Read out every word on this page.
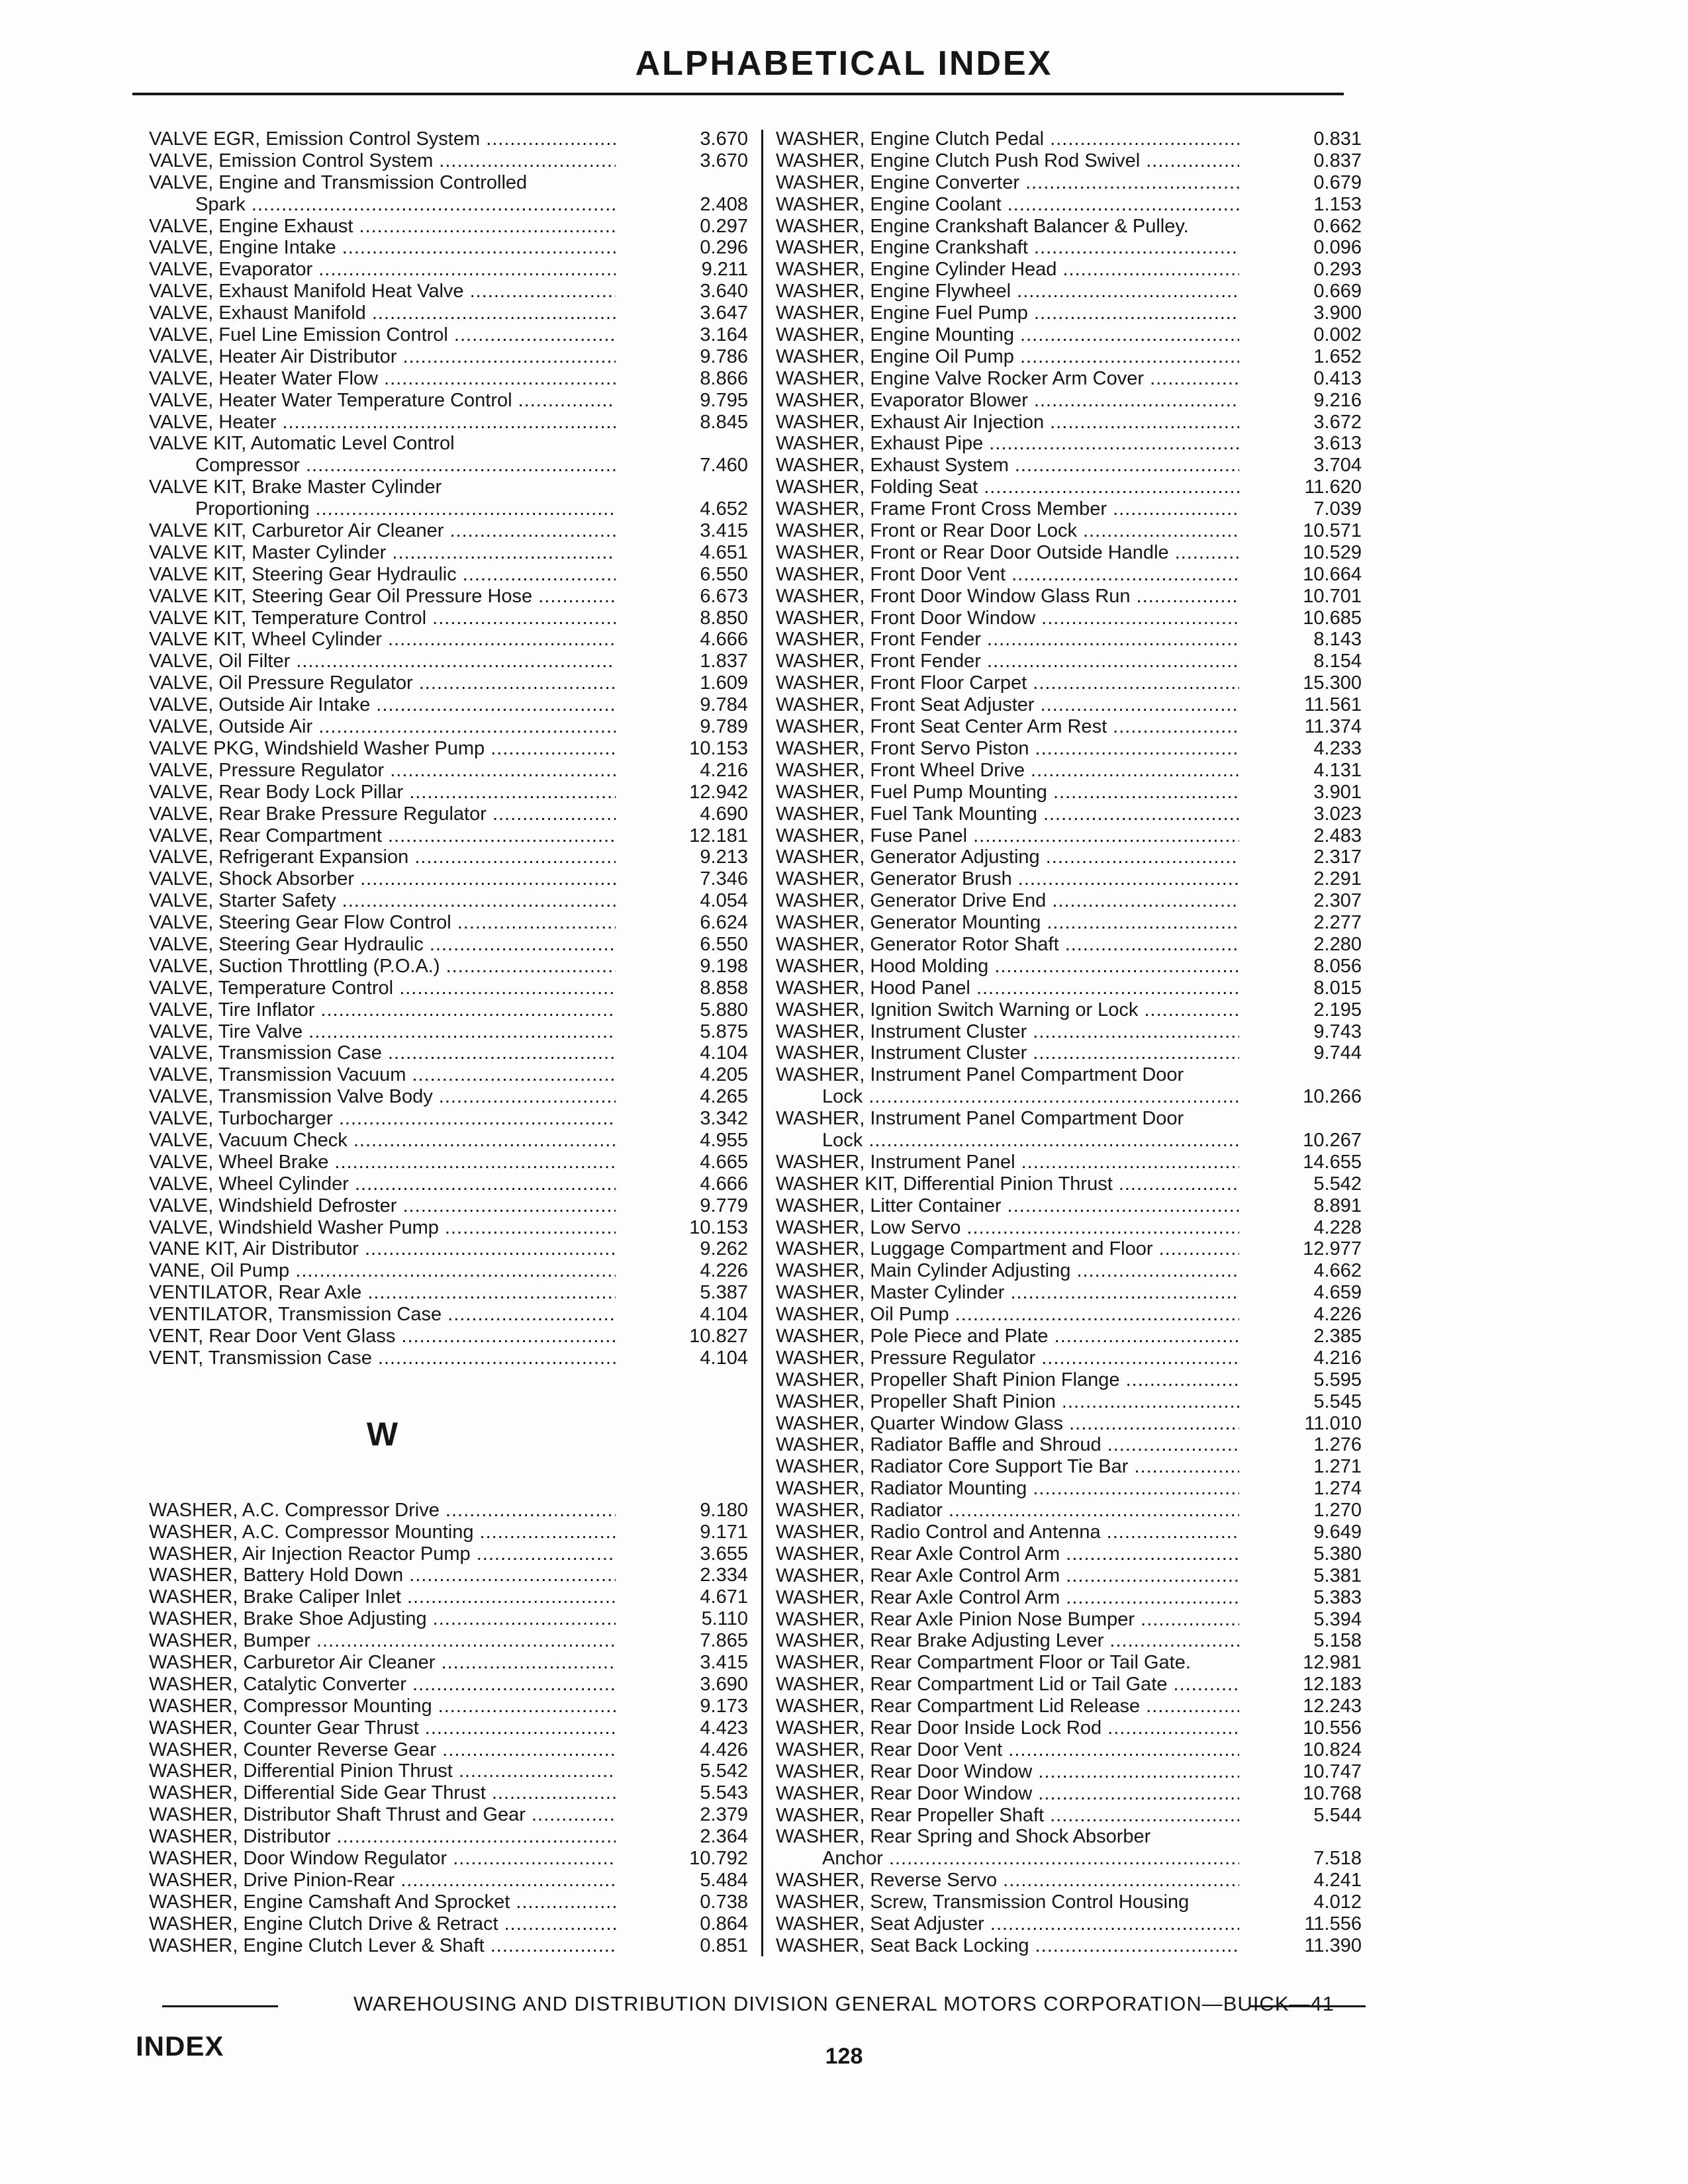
ALPHABETICAL INDEX
VALVE EGR, Emission Control System .....	3.670
VALVE, Emission Control System .....	3.670
VALVE, Engine and Transmission Controlled
Spark .....	2.408
VALVE, Engine Exhaust .....	0.297
VALVE, Engine Intake .....	0.296
VALVE, Evaporator .....	9.211
VALVE, Exhaust Manifold Heat Valve .....	3.640
VALVE, Exhaust Manifold .....	3.647
VALVE, Fuel Line Emission Control .....	3.164
VALVE, Heater Air Distributor .....	9.786
VALVE, Heater Water Flow .....	8.866
VALVE, Heater Water Temperature Control .....	9.795
VALVE, Heater .....	8.845
VALVE KIT, Automatic Level Control
Compressor .....	7.460
VALVE KIT, Brake Master Cylinder
Proportioning .....	4.652
VALVE KIT, Carburetor Air Cleaner .....	3.415
VALVE KIT, Master Cylinder .....	4.651
VALVE KIT, Steering Gear Hydraulic .....	6.550
VALVE KIT, Steering Gear Oil Pressure Hose .....	6.673
VALVE KIT, Temperature Control .....	8.850
VALVE KIT, Wheel Cylinder .....	4.666
VALVE, Oil Filter .....	1.837
VALVE, Oil Pressure Regulator .....	1.609
VALVE, Outside Air Intake .....	9.784
VALVE, Outside Air .....	9.789
VALVE PKG, Windshield Washer Pump .....	10.153
VALVE, Pressure Regulator .....	4.216
VALVE, Rear Body Lock Pillar .....	12.942
VALVE, Rear Brake Pressure Regulator .....	4.690
VALVE, Rear Compartment .....	12.181
VALVE, Refrigerant Expansion .....	9.213
VALVE, Shock Absorber .....	7.346
VALVE, Starter Safety .....	4.054
VALVE, Steering Gear Flow Control .....	6.624
VALVE, Steering Gear Hydraulic .....	6.550
VALVE, Suction Throttling (P.O.A.) .....	9.198
VALVE, Temperature Control .....	8.858
VALVE, Tire Inflator .....	5.880
VALVE, Tire Valve .....	5.875
VALVE, Transmission Case .....	4.104
VALVE, Transmission Vacuum .....	4.205
VALVE, Transmission Valve Body .....	4.265
VALVE, Turbocharger .....	3.342
VALVE, Vacuum Check .....	4.955
VALVE, Wheel Brake .....	4.665
VALVE, Wheel Cylinder .....	4.666
VALVE, Windshield Defroster .....	9.779
VALVE, Windshield Washer Pump .....	10.153
VANE KIT, Air Distributor .....	9.262
VANE, Oil Pump .....	4.226
VENTILATOR, Rear Axle .....	5.387
VENTILATOR, Transmission Case .....	4.104
VENT, Rear Door Vent Glass .....	10.827
VENT, Transmission Case .....	4.104
W
WASHER, A.C. Compressor Drive .....	9.180
WASHER, A.C. Compressor Mounting .....	9.171
WASHER, Air Injection Reactor Pump .....	3.655
WASHER, Battery Hold Down .....	2.334
WASHER, Brake Caliper Inlet .....	4.671
WASHER, Brake Shoe Adjusting .....	5.110
WASHER, Bumper .....	7.865
WASHER, Carburetor Air Cleaner .....	3.415
WASHER, Catalytic Converter .....	3.690
WASHER, Compressor Mounting .....	9.173
WASHER, Counter Gear Thrust .....	4.423
WASHER, Counter Reverse Gear .....	4.426
WASHER, Differential Pinion Thrust .....	5.542
WASHER, Differential Side Gear Thrust .....	5.543
WASHER, Distributor Shaft Thrust and Gear .....	2.379
WASHER, Distributor .....	2.364
WASHER, Door Window Regulator .....	10.792
WASHER, Drive Pinion-Rear .....	5.484
WASHER, Engine Camshaft And Sprocket .....	0.738
WASHER, Engine Clutch Drive & Retract .....	0.864
WASHER, Engine Clutch Lever & Shaft .....	0.851
WASHER, Engine Clutch Pedal .....	0.831
WASHER, Engine Clutch Push Rod Swivel .....	0.837
WASHER, Engine Converter .....	0.679
WASHER, Engine Coolant .....	1.153
WASHER, Engine Crankshaft Balancer & Pulley.	0.662
WASHER, Engine Crankshaft .....	0.096
WASHER, Engine Cylinder Head .....	0.293
WASHER, Engine Flywheel .....	0.669
WASHER, Engine Fuel Pump .....	3.900
WASHER, Engine Mounting .....	0.002
WASHER, Engine Oil Pump .....	1.652
WASHER, Engine Valve Rocker Arm Cover .....	0.413
WASHER, Evaporator Blower .....	9.216
WASHER, Exhaust Air Injection .....	3.672
WASHER, Exhaust Pipe .....	3.613
WASHER, Exhaust System .....	3.704
WASHER, Folding Seat .....	11.620
WASHER, Frame Front Cross Member .....	7.039
WASHER, Front or Rear Door Lock .....	10.571
WASHER, Front or Rear Door Outside Handle .....	10.529
WASHER, Front Door Vent .....	10.664
WASHER, Front Door Window Glass Run .....	10.701
WASHER, Front Door Window .....	10.685
WASHER, Front Fender .....	8.143
WASHER, Front Fender .....	8.154
WASHER, Front Floor Carpet .....	15.300
WASHER, Front Seat Adjuster .....	11.561
WASHER, Front Seat Center Arm Rest .....	11.374
WASHER, Front Servo Piston .....	4.233
WASHER, Front Wheel Drive .....	4.131
WASHER, Fuel Pump Mounting .....	3.901
WASHER, Fuel Tank Mounting .....	3.023
WASHER, Fuse Panel .....	2.483
WASHER, Generator Adjusting .....	2.317
WASHER, Generator Brush .....	2.291
WASHER, Generator Drive End .....	2.307
WASHER, Generator Mounting .....	2.277
WASHER, Generator Rotor Shaft .....	2.280
WASHER, Hood Molding .....	8.056
WASHER, Hood Panel .....	8.015
WASHER, Ignition Switch Warning or Lock .....	2.195
WASHER, Instrument Cluster .....	9.743
WASHER, Instrument Cluster .....	9.744
WASHER, Instrument Panel Compartment Door
Lock .....	10.266
WASHER, Instrument Panel Compartment Door
Lock .....	10.267
WASHER, Instrument Panel .....	14.655
WASHER KIT, Differential Pinion Thrust .....	5.542
WASHER, Litter Container .....	8.891
WASHER, Low Servo .....	4.228
WASHER, Luggage Compartment and Floor .....	12.977
WASHER, Main Cylinder Adjusting .....	4.662
WASHER, Master Cylinder .....	4.659
WASHER, Oil Pump .....	4.226
WASHER, Pole Piece and Plate .....	2.385
WASHER, Pressure Regulator .....	4.216
WASHER, Propeller Shaft Pinion Flange .....	5.595
WASHER, Propeller Shaft Pinion .....	5.545
WASHER, Quarter Window Glass .....	11.010
WASHER, Radiator Baffle and Shroud .....	1.276
WASHER, Radiator Core Support Tie Bar .....	1.271
WASHER, Radiator Mounting .....	1.274
WASHER, Radiator .....	1.270
WASHER, Radio Control and Antenna .....	9.649
WASHER, Rear Axle Control Arm .....	5.380
WASHER, Rear Axle Control Arm .....	5.381
WASHER, Rear Axle Control Arm .....	5.383
WASHER, Rear Axle Pinion Nose Bumper .....	5.394
WASHER, Rear Brake Adjusting Lever .....	5.158
WASHER, Rear Compartment Floor or Tail Gate.	12.981
WASHER, Rear Compartment Lid or Tail Gate .....	12.183
WASHER, Rear Compartment Lid Release .....	12.243
WASHER, Rear Door Inside Lock Rod .....	10.556
WASHER, Rear Door Vent .....	10.824
WASHER, Rear Door Window .....	10.747
WASHER, Rear Door Window .....	10.768
WASHER, Rear Propeller Shaft .....	5.544
WASHER, Rear Spring and Shock Absorber
Anchor .....	7.518
WASHER, Reverse Servo .....	4.241
WASHER, Screw, Transmission Control Housing	4.012
WASHER, Seat Adjuster .....	11.556
WASHER, Seat Back Locking .....	11.390
WAREHOUSING AND DISTRIBUTION DIVISION GENERAL MOTORS CORPORATION—BUICK—41
INDEX	128
